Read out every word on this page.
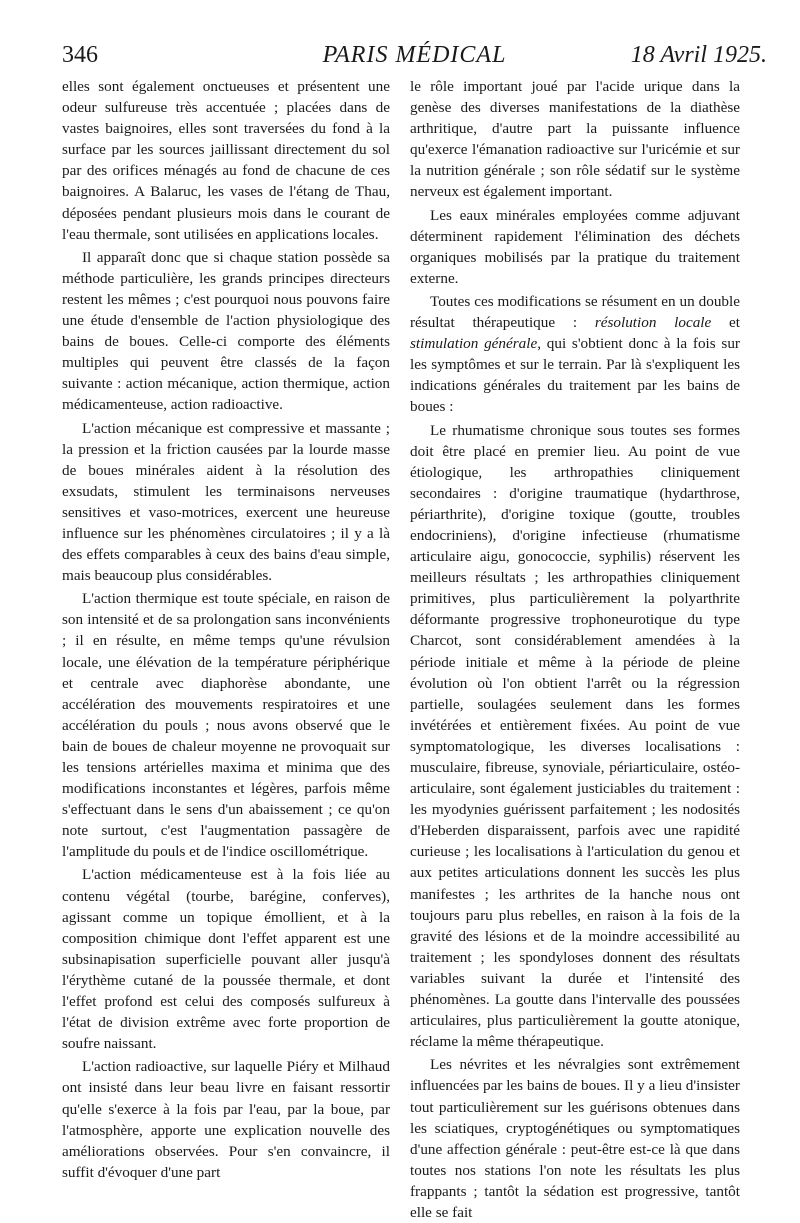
346	PARIS MÉDICAL	18 Avril 1925.

elles sont également onctueuses et présentent une odeur sulfureuse très accentuée ; placées dans de vastes baignoires, elles sont traversées du fond à la surface par les sources jaillissant directement du sol par des orifices ménagés au fond de chacune de ces baignoires. A Balaruc, les vases de l'étang de Thau, déposées pendant plusieurs mois dans le courant de l'eau thermale, sont utilisées en applications locales.

Il apparaît donc que si chaque station possède sa méthode particulière, les grands principes directeurs restent les mêmes ; c'est pourquoi nous pouvons faire une étude d'ensemble de l'action physiologique des bains de boues. Celle-ci comporte des éléments multiples qui peuvent être classés de la façon suivante : action mécanique, action thermique, action médicamenteuse, action radioactive.

L'action mécanique est compressive et massante ; la pression et la friction causées par la lourde masse de boues minérales aident à la résolution des exsudats, stimulent les terminaisons nerveuses sensitives et vaso-motrices, exercent une heureuse influence sur les phénomènes circulatoires ; il y a là des effets comparables à ceux des bains d'eau simple, mais beaucoup plus considérables.

L'action thermique est toute spéciale, en raison de son intensité et de sa prolongation sans inconvénients ; il en résulte, en même temps qu'une révulsion locale, une élévation de la température périphérique et centrale avec diaphorèse abondante, une accélération des mouvements respiratoires et une accélération du pouls ; nous avons observé que le bain de boues de chaleur moyenne ne provoquait sur les tensions artérielles maxima et minima que des modifications inconstantes et légères, parfois même s'effectuant dans le sens d'un abaissement ; ce qu'on note surtout, c'est l'augmentation passagère de l'amplitude du pouls et de l'indice oscillométrique.

L'action médicamenteuse est à la fois liée au contenu végétal (tourbe, barégine, conferves), agissant comme un topique émollient, et à la composition chimique dont l'effet apparent est une subsinapisation superficielle pouvant aller jusqu'à l'érythème cutané de la poussée thermale, et dont l'effet profond est celui des composés sulfureux à l'état de division extrême avec forte proportion de soufre naissant.

L'action radioactive, sur laquelle Piéry et Milhaud ont insisté dans leur beau livre en faisant ressortir qu'elle s'exerce à la fois par l'eau, par la boue, par l'atmosphère, apporte une explication nouvelle des améliorations observées. Pour s'en convaincre, il suffit d'évoquer d'une part

le rôle important joué par l'acide urique dans la genèse des diverses manifestations de la diathèse arthritique, d'autre part la puissante influence qu'exerce l'émanation radioactive sur l'uricémie et sur la nutrition générale ; son rôle sédatif sur le système nerveux est également important.

Les eaux minérales employées comme adjuvant déterminent rapidement l'élimination des déchets organiques mobilisés par la pratique du traitement externe.

Toutes ces modifications se résument en un double résultat thérapeutique : résolution locale et stimulation générale, qui s'obtient donc à la fois sur les symptômes et sur le terrain. Par là s'expliquent les indications générales du traitement par les bains de boues :

Le rhumatisme chronique sous toutes ses formes doit être placé en premier lieu. Au point de vue étiologique, les arthropathies cliniquement secondaires : d'origine traumatique (hydarthrose, périarthrite), d'origine toxique (goutte, troubles endocriniens), d'origine infectieuse (rhumatisme articulaire aigu, gonococcie, syphilis) réservent les meilleurs résultats ; les arthropathies cliniquement primitives, plus particulièrement la polyarthrite déformante progressive trophoneurotique du type Charcot, sont considérablement amendées à la période initiale et même à la période de pleine évolution où l'on obtient l'arrêt ou la régression partielle, soulagées seulement dans les formes invétérées et entièrement fixées. Au point de vue symptomatologique, les diverses localisations : musculaire, fibreuse, synoviale, périarticulaire, ostéo-articulaire, sont également justiciables du traitement : les myodynies guérissent parfaitement ; les nodosités d'Heberden disparaissent, parfois avec une rapidité curieuse ; les localisations à l'articulation du genou et aux petites articulations donnent les succès les plus manifestes ; les arthrites de la hanche nous ont toujours paru plus rebelles, en raison à la fois de la gravité des lésions et de la moindre accessibilité au traitement ; les spondyloses donnent des résultats variables suivant la durée et l'intensité des phénomènes. La goutte dans l'intervalle des poussées articulaires, plus particulièrement la goutte atonique, réclame la même thérapeutique.

Les névrites et les névralgies sont extrêmement influencées par les bains de boues. Il y a lieu d'insister tout particulièrement sur les guérisons obtenues dans les sciatiques, cryptogénétiques ou symptomatiques d'une affection générale : peut-être est-ce là que dans toutes nos stations l'on note les résultats les plus frappants ; tantôt la sédation est progressive, tantôt elle se fait
